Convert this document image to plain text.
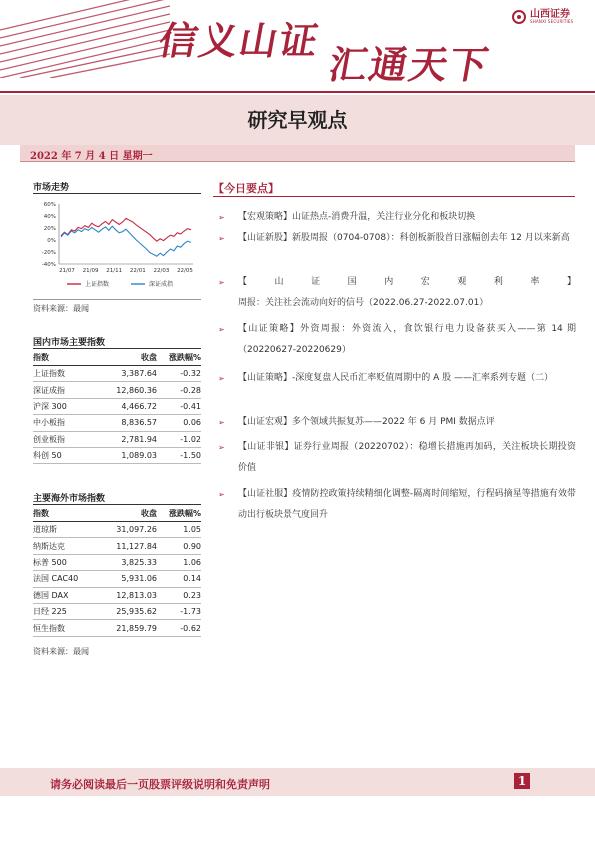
信义山证
汇通天下
山西证券
SHANXI SECURITIES
研究早观点
2022 年 7 月 4 日 星期一
市场走势
60%
40%
20%
0%
-20%
-40%
21/07 21/09 21/11 22/01 22/03 22/05
上证指数	深证成指
资料来源：最闻
国内市场主要指数
指数	收盘	涨跌幅%
上证指数	3,387.64	-0.32
深证成指	12,860.36	-0.28
沪深 300	4,466.72	-0.41
中小板指	8,836.57	0.06
创业板指	2,781.94	-1.02
科创 50	1,089.03	-1.50
主要海外市场指数
指数	收盘	涨跌幅%
道琼斯	31,097.26	1.05
纳斯达克	11,127.84	0.90
标普 500	3,825.33	1.06
法国 CAC40	5,931.06	0.14
德国 DAX	12,813.03	0.23
日经 225	25,935.62	-1.73
恒生指数	21,859.79	-0.62
资料来源：最闻
【今日要点】
➢ 【宏观策略】山证热点-消费升温，关注行业分化和板块切换
➢ 【山证新股】新股周报（0704-0708）：科创板新股首日涨幅创去年 12 月以来新高
➢ 【山证国内宏观利率】周报：关注社会流动向好的信号（2022.06.27-2022.07.01）
➢ 【山证策略】外资周报：外资流入，食饮银行电力设备获买入——第 14 期（20220627-20220629）
➢ 【山证策略】-深度复盘人民币汇率贬值周期中的 A 股 ——汇率系列专题（二）
➢ 【山证宏观】多个领域共振复苏——2022 年 6 月 PMI 数据点评
➢ 【山证非银】证券行业周报（20220702）：稳增长措施再加码，关注板块长期投资价值
➢ 【山证社服】疫情防控政策持续精细化调整-隔离时间缩短，行程码摘星等措施有效带动出行板块景气度回升
请务必阅读最后一页股票评级说明和免责声明	1
